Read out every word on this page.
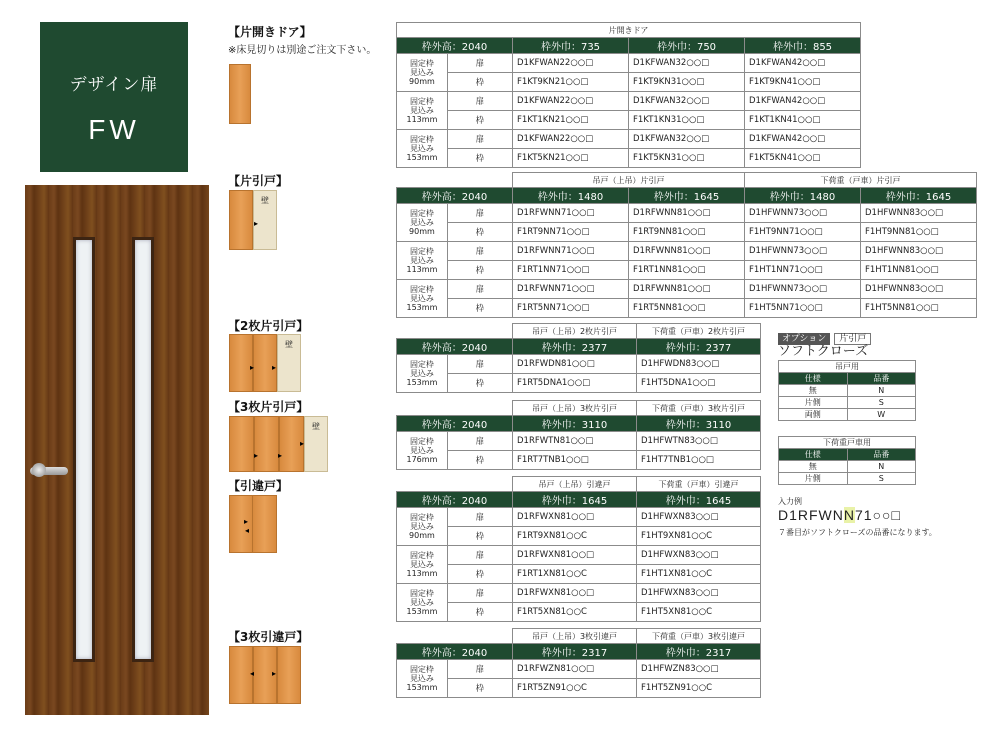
デザイン扉
FW
【片開きドア】
※床見切りは別途ご注文下さい。
【片引戸】
壁
▸
【2枚片引戸】
壁
▸ ▸
【3枚片引戸】
壁
▸ ▸
▸
【引違戸】
▸
◂
【3枚引違戸】
◂ ▸
片開きドア				
枠外高：2040		枠外巾：735	枠外巾：750	枠外巾：855
固定枠
見込み
90mm	扉	D1KFWAN22○○□	D1KFWAN32○○□	D1KFWAN42○○□
	枠	F1KT9KN21○○□	F1KT9KN31○○□	F1KT9KN41○○□
固定枠
見込み
113mm	扉	D1KFWAN22○○□	D1KFWAN32○○□	D1KFWAN42○○□
	枠	F1KT1KN21○○□	F1KT1KN31○○□	F1KT1KN41○○□
固定枠
見込み
153mm	扉	D1KFWAN22○○□	D1KFWAN32○○□	D1KFWAN42○○□
	枠	F1KT5KN21○○□	F1KT5KN31○○□	F1KT5KN41○○□
		吊戸（上吊）片引戸		下荷重（戸車）片引戸	
枠外高：2040		枠外巾：1480	枠外巾：1645	枠外巾：1480	枠外巾：1645
固定枠
見込み
90mm	扉	D1RFWNN71○○□	D1RFWNN81○○□	D1HFWNN73○○□	D1HFWNN83○○□
	枠	F1RT9NN71○○□	F1RT9NN81○○□	F1HT9NN71○○□	F1HT9NN81○○□
固定枠
見込み
113mm	扉	D1RFWNN71○○□	D1RFWNN81○○□	D1HFWNN73○○□	D1HFWNN83○○□
	枠	F1RT1NN71○○□	F1RT1NN81○○□	F1HT1NN71○○□	F1HT1NN81○○□
固定枠
見込み
153mm	扉	D1RFWNN71○○□	D1RFWNN81○○□	D1HFWNN73○○□	D1HFWNN83○○□
	枠	F1RT5NN71○○□	F1RT5NN81○○□	F1HT5NN71○○□	F1HT5NN81○○□
		吊戸（上吊）2枚片引戸	下荷重（戸車）2枚片引戸
枠外高：2040		枠外巾：2377	枠外巾：2377
固定枠
見込み
153mm	扉	D1RFWDN81○○□	D1HFWDN83○○□
	枠	F1RT5DNA1○○□	F1HT5DNA1○○□
		吊戸（上吊）3枚片引戸	下荷重（戸車）3枚片引戸
枠外高：2040		枠外巾：3110	枠外巾：3110
固定枠
見込み
176mm	扉	D1RFWTN81○○□	D1HFWTN83○○□
	枠	F1RT7TNB1○○□	F1HT7TNB1○○□
		吊戸（上吊）引違戸	下荷重（戸車）引違戸
枠外高：2040		枠外巾：1645	枠外巾：1645
固定枠
見込み
90mm	扉	D1RFWXN81○○□	D1HFWXN83○○□
	枠	F1RT9XN81○○C	F1HT9XN81○○C
固定枠
見込み
113mm	扉	D1RFWXN81○○□	D1HFWXN83○○□
	枠	F1RT1XN81○○C	F1HT1XN81○○C
固定枠
見込み
153mm	扉	D1RFWXN81○○□	D1HFWXN83○○□
	枠	F1RT5XN81○○C	F1HT5XN81○○C
		吊戸（上吊）3枚引違戸	下荷重（戸車）3枚引違戸
枠外高：2040		枠外巾：2317	枠外巾：2317
固定枠
見込み
153mm	扉	D1RFWZN81○○□	D1HFWZN83○○□
	枠	F1RT5ZN91○○C	F1HT5ZN91○○C
オプション 片引戸
ソフトクローズ
吊戸用	
仕様	品番
無	N
片側	S
両側	W
下荷重戸車用	
仕様	品番
無	N
片側	S
入力例
D1RFWNN71○○□
７番目がソフトクローズの品番になります。
